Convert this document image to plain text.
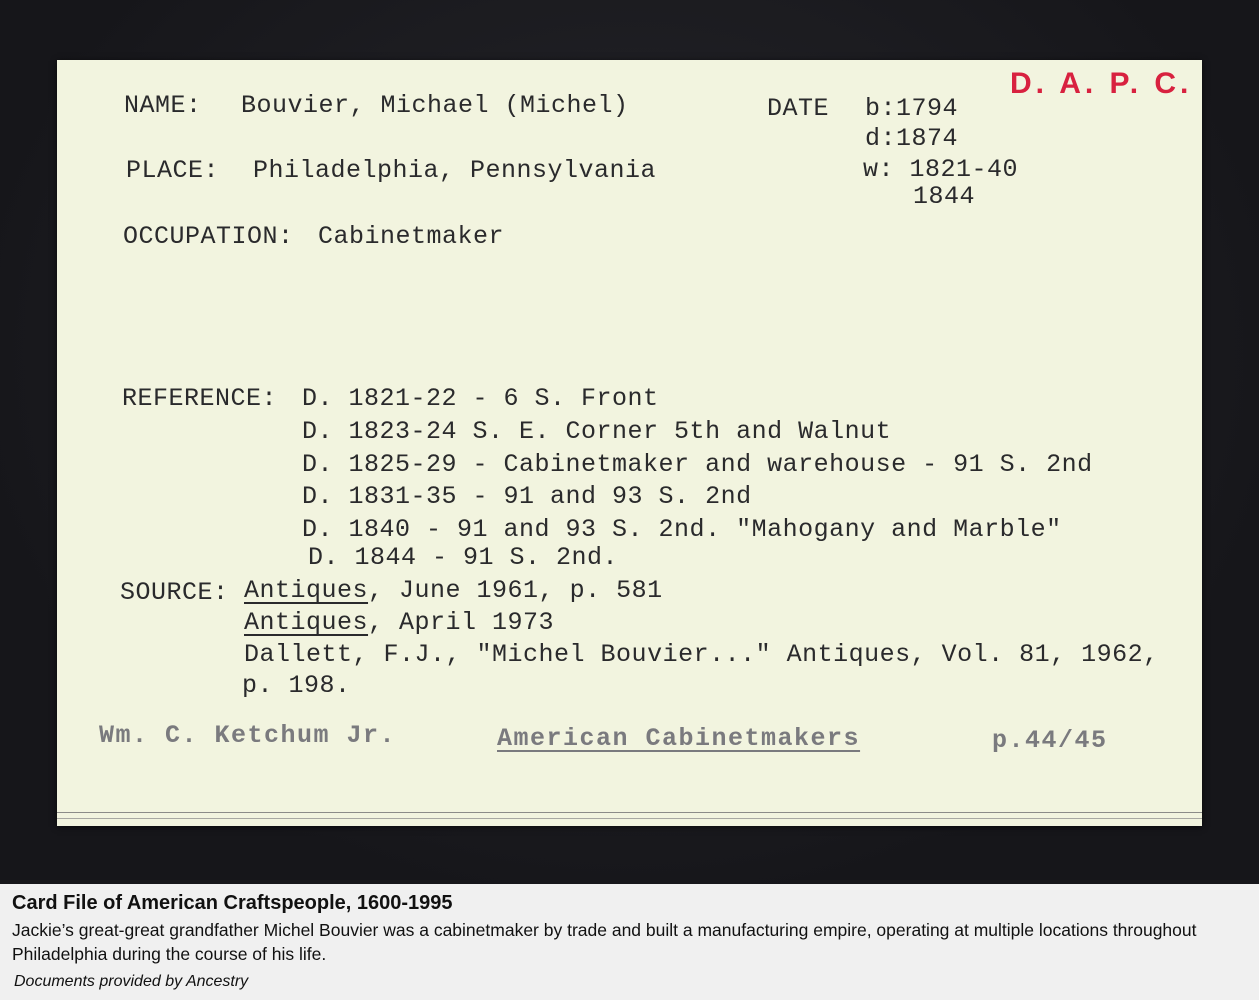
D. A. P. C.
NAME: Bouvier, Michael (Michel)	DATE b:1794
d:1874
w: 1821-40
1844
PLACE: Philadelphia, Pennsylvania
OCCUPATION: Cabinetmaker
REFERENCE: D. 1821-22 - 6 S. Front
D. 1823-24 S. E. Corner 5th and Walnut
D. 1825-29 - Cabinetmaker and warehouse - 91 S. 2nd
D. 1831-35 - 91 and 93 S. 2nd
D. 1840 - 91 and 93 S. 2nd. "Mahogany and Marble"
D. 1844 - 91 S. 2nd.
SOURCE: Antiques, June 1961, p. 581
Antiques, April 1973
Dallett, F.J., "Michel Bouvier..." Antiques, Vol. 81, 1962,
p. 198.
Wm. C. Ketchum Jr.	American Cabinetmakers	p.44/45
Card File of American Craftspeople, 1600-1995
Jackie’s great-great grandfather Michel Bouvier was a cabinetmaker by trade and built a manufacturing empire, operating at multiple locations throughout Philadelphia during the course of his life.
Documents provided by Ancestry
